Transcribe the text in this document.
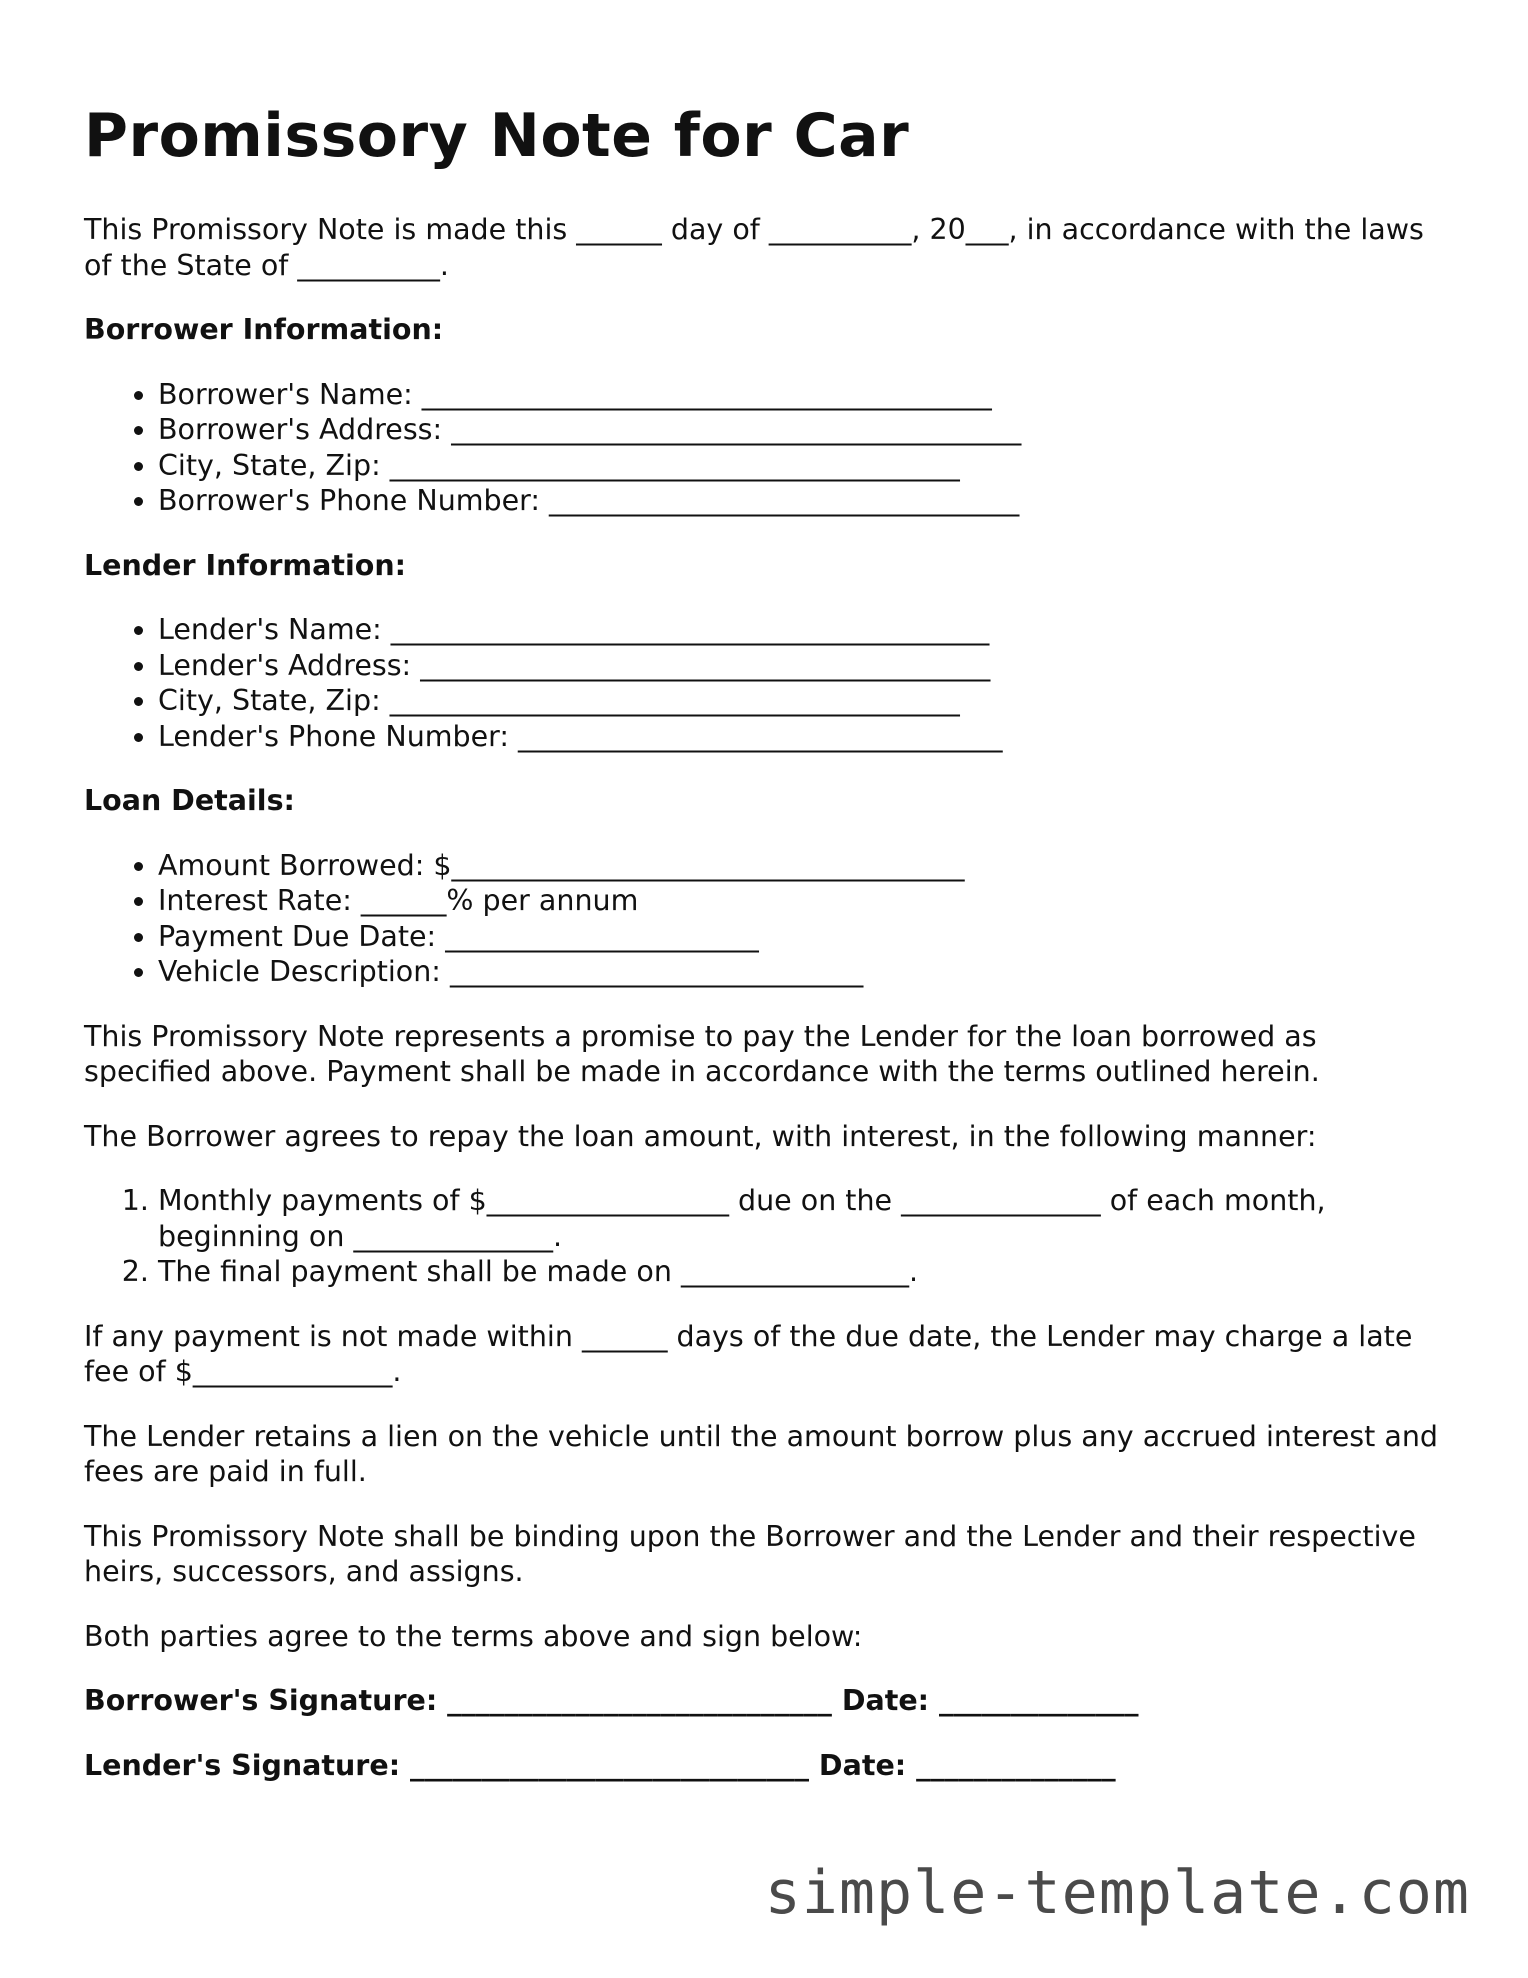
Promissory Note for Car

This Promissory Note is made this ______ day of __________, 20___, in accordance with the laws of the State of __________.

Borrower Information:

• Borrower's Name: ________________________________________
• Borrower's Address: ________________________________________
• City, State, Zip: ________________________________________
• Borrower's Phone Number: _________________________________

Lender Information:

• Lender's Name: __________________________________________
• Lender's Address: ________________________________________
• City, State, Zip: ________________________________________
• Lender's Phone Number: __________________________________

Loan Details:

• Amount Borrowed: $____________________________________
• Interest Rate: ______% per annum
• Payment Due Date: ______________________
• Vehicle Description: _____________________________

This Promissory Note represents a promise to pay the Lender for the loan borrowed as specified above. Payment shall be made in accordance with the terms outlined herein.

The Borrower agrees to repay the loan amount, with interest, in the following manner:

1. Monthly payments of $_________________ due on the ______________ of each month, beginning on ______________.
2. The final payment shall be made on ________________.

If any payment is not made within ______ days of the due date, the Lender may charge a late fee of $______________.

The Lender retains a lien on the vehicle until the amount borrow plus any accrued interest and fees are paid in full.

This Promissory Note shall be binding upon the Borrower and the Lender and their respective heirs, successors, and assigns.

Both parties agree to the terms above and sign below:

Borrower's Signature: ___________________________ Date: ______________

Lender's Signature: ____________________________ Date: ______________

simple-template.com
